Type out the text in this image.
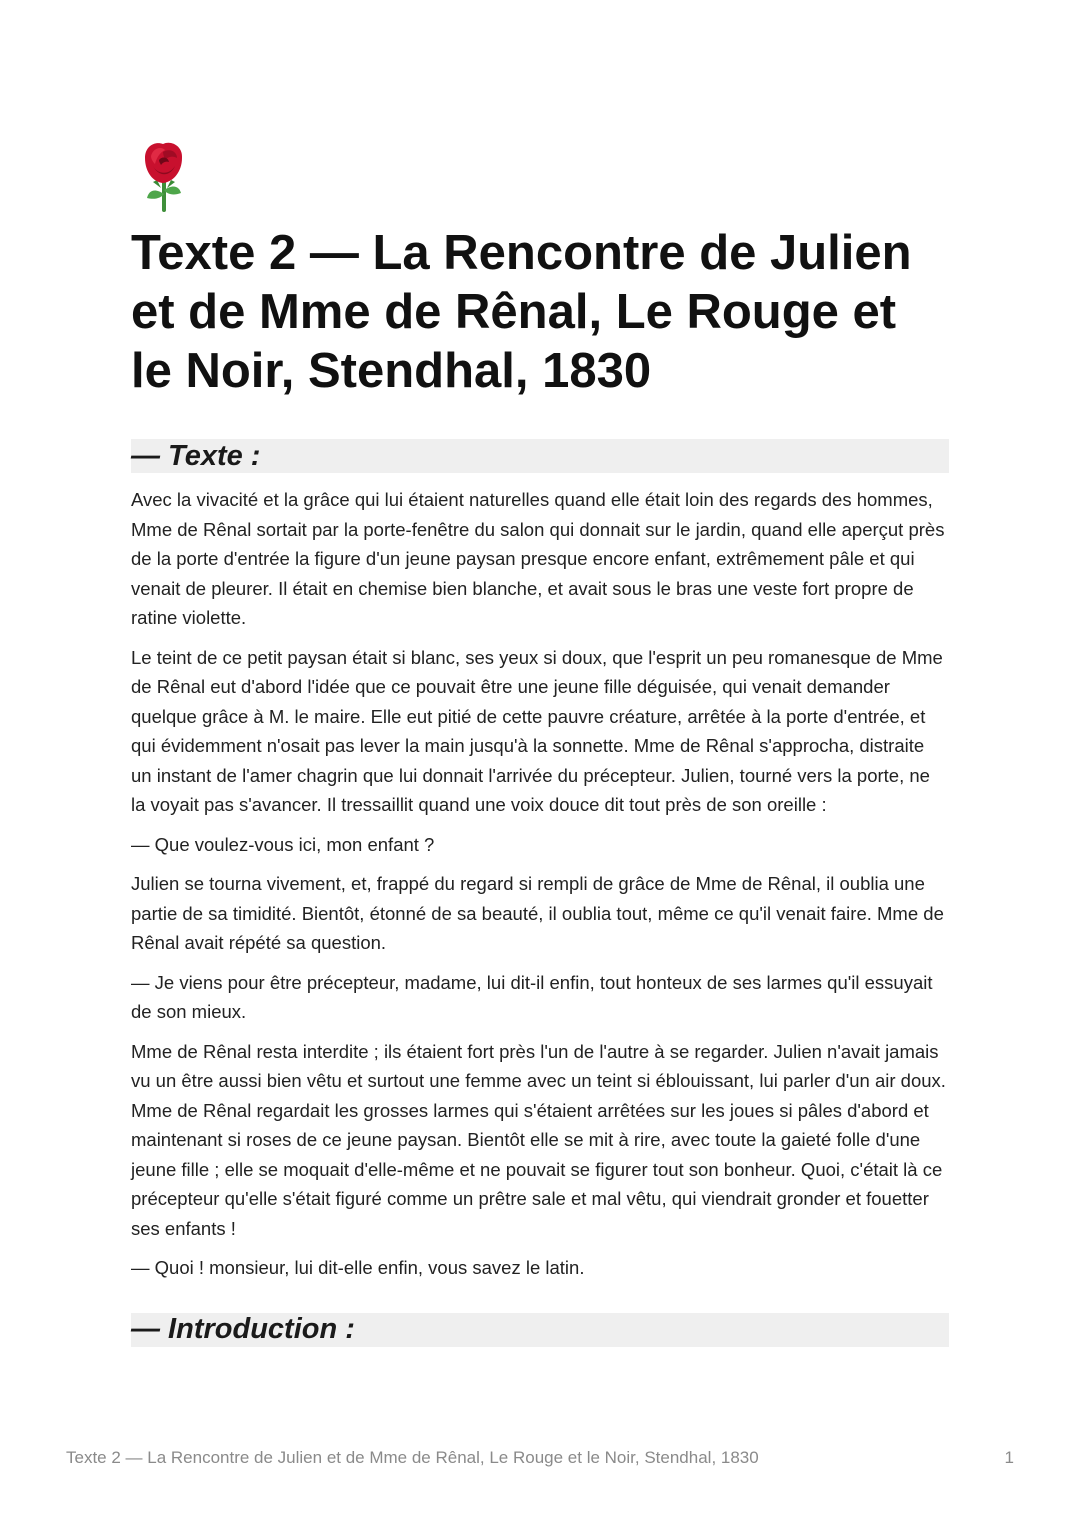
Texte 2 — La Rencontre de Julien et de Mme de Rênal, Le Rouge et le Noir, Stendhal, 1830
— Texte :

Avec la vivacité et la grâce qui lui étaient naturelles quand elle était loin des regards des hommes, Mme de Rênal sortait par la porte-fenêtre du salon qui donnait sur le jardin, quand elle aperçut près de la porte d'entrée la figure d'un jeune paysan presque encore enfant, extrêmement pâle et qui venait de pleurer. Il était en chemise bien blanche, et avait sous le bras une veste fort propre de ratine violette.

Le teint de ce petit paysan était si blanc, ses yeux si doux, que l'esprit un peu romanesque de Mme de Rênal eut d'abord l'idée que ce pouvait être une jeune fille déguisée, qui venait demander quelque grâce à M. le maire. Elle eut pitié de cette pauvre créature, arrêtée à la porte d'entrée, et qui évidemment n'osait pas lever la main jusqu'à la sonnette. Mme de Rênal s'approcha, distraite un instant de l'amer chagrin que lui donnait l'arrivée du précepteur. Julien, tourné vers la porte, ne la voyait pas s'avancer. Il tressaillit quand une voix douce dit tout près de son oreille :

— Que voulez-vous ici, mon enfant ?

Julien se tourna vivement, et, frappé du regard si rempli de grâce de Mme de Rênal, il oublia une partie de sa timidité. Bientôt, étonné de sa beauté, il oublia tout, même ce qu'il venait faire. Mme de Rênal avait répété sa question.

— Je viens pour être précepteur, madame, lui dit-il enfin, tout honteux de ses larmes qu'il essuyait de son mieux.

Mme de Rênal resta interdite ; ils étaient fort près l'un de l'autre à se regarder. Julien n'avait jamais vu un être aussi bien vêtu et surtout une femme avec un teint si éblouissant, lui parler d'un air doux. Mme de Rênal regardait les grosses larmes qui s'étaient arrêtées sur les joues si pâles d'abord et maintenant si roses de ce jeune paysan. Bientôt elle se mit à rire, avec toute la gaieté folle d'une jeune fille ; elle se moquait d'elle-même et ne pouvait se figurer tout son bonheur. Quoi, c'était là ce précepteur qu'elle s'était figuré comme un prêtre sale et mal vêtu, qui viendrait gronder et fouetter ses enfants !

— Quoi ! monsieur, lui dit-elle enfin, vous savez le latin.

— Introduction :
Texte 2 — La Rencontre de Julien et de Mme de Rênal, Le Rouge et le Noir, Stendhal, 1830	1
